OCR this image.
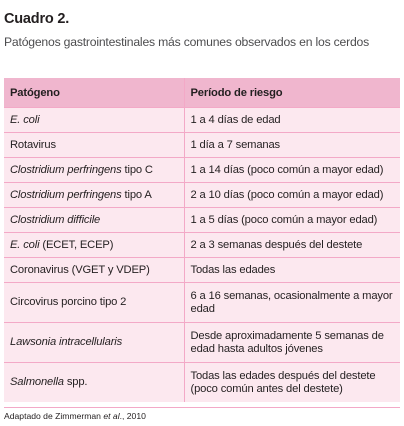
Cuadro 2.
Patógenos gastrointestinales más comunes observados en los cerdos
Patógeno	Período de riesgo
E. coli	1 a 4 días de edad
Rotavirus	1 día a 7 semanas
Clostridium perfringens tipo C	1 a 14 días (poco común a mayor edad)
Clostridium perfringens tipo A	2 a 10 días (poco común a mayor edad)
Clostridium difficile	1 a 5 días (poco común a mayor edad)
E. coli (ECET, ECEP)	2 a 3 semanas después del destete
Coronavirus (VGET y VDEP)	Todas las edades
Circovirus porcino tipo 2	6 a 16 semanas, ocasionalmente a mayor edad
Lawsonia intracellularis	Desde aproximadamente 5 semanas de edad hasta adultos jóvenes
Salmonella spp.	Todas las edades después del destete (poco común antes del destete)
Adaptado de Zimmerman et al., 2010
